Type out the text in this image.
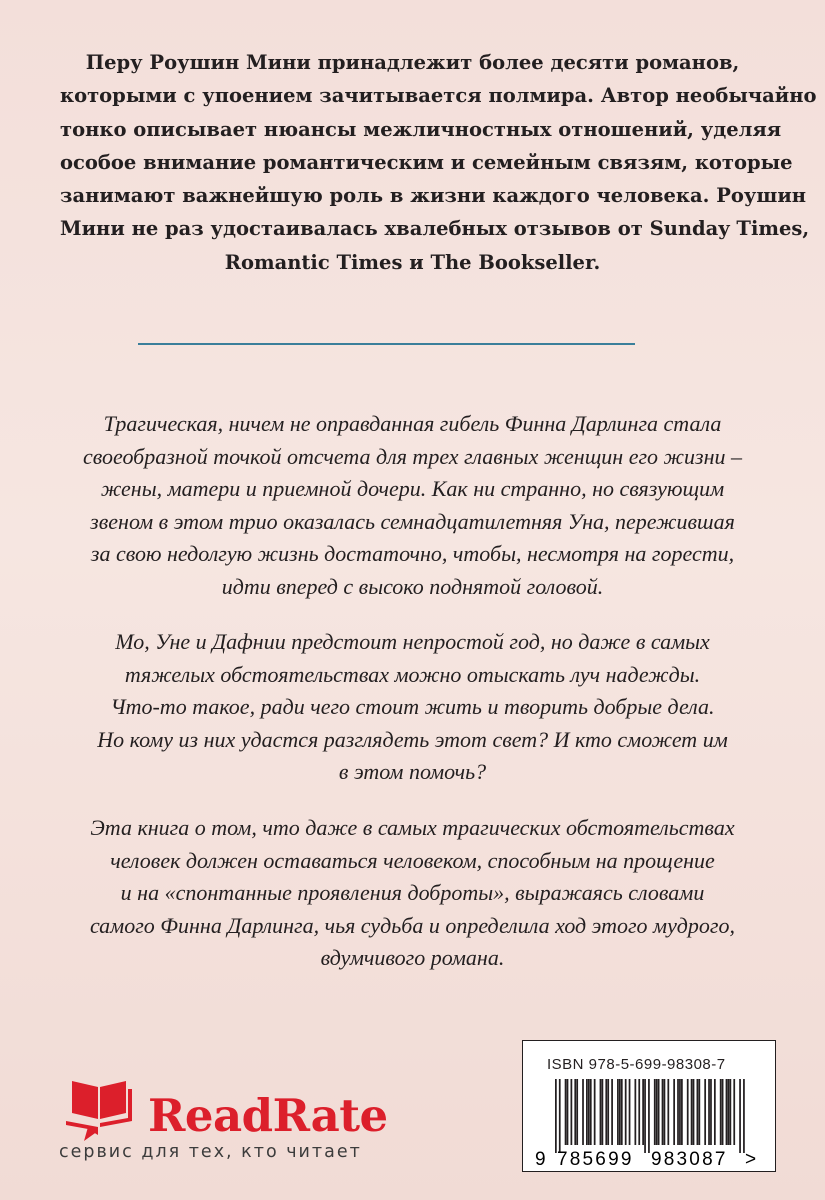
Перу Роушин Мини принадлежит более десяти романов,
которыми с упоением зачитывается полмира. Автор необычайно
тонко описывает нюансы межличностных отношений, уделяя
особое внимание романтическим и семейным связям, которые
занимают важнейшую роль в жизни каждого человека. Роушин
Мини не раз удостаивалась хвалебных отзывов от Sunday Times,
Romantic Times и The Bookseller.
Трагическая, ничем не оправданная гибель Финна Дарлинга стала
своеобразной точкой отсчета для трех главных женщин его жизни –
жены, матери и приемной дочери. Как ни странно, но связующим
звеном в этом трио оказалась семнадцатилетняя Уна, пережившая
за свою недолгую жизнь достаточно, чтобы, несмотря на горести,
идти вперед с высоко поднятой головой.
Мо, Уне и Дафнии предстоит непростой год, но даже в самых
тяжелых обстоятельствах можно отыскать луч надежды.
Что-то такое, ради чего стоит жить и творить добрые дела.
Но кому из них удастся разглядеть этот свет? И кто сможет им
в этом помочь?
Эта книга о том, что даже в самых трагических обстоятельствах
человек должен оставаться человеком, способным на прощение
и на «спонтанные проявления доброты», выражаясь словами
самого Финна Дарлинга, чья судьба и определила ход этого мудрого,
вдумчивого романа.
ReadRate
сервис для тех, кто читает
ISBN 978-5-699-98308-7
9 785699 983087 >
